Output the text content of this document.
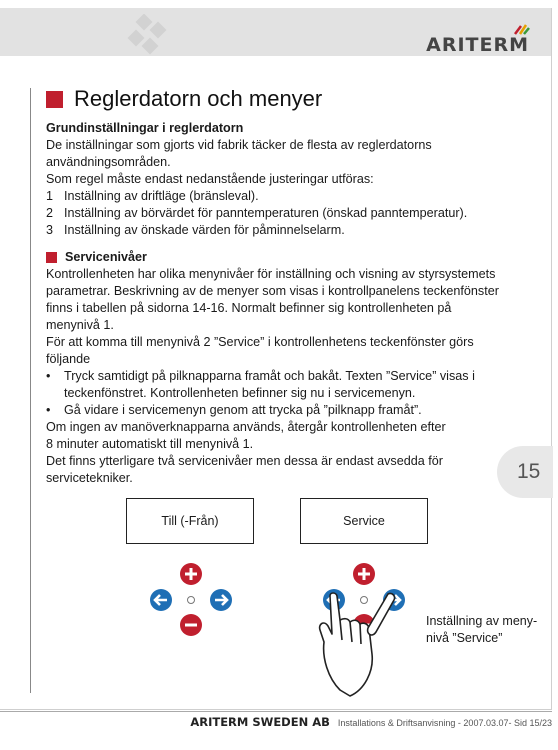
ARITERM
Reglerdatorn och menyer

Grundinställningar i reglerdatorn

De inställningar som gjorts vid fabrik täcker de flesta av reglerdatorns

användningsområden.

Som regel måste endast nedanstående justeringar utföras:

1 Inställning av driftläge (bränsleval).
2 Inställning av börvärdet för panntemperaturen (önskad panntemperatur).
3 Inställning av önskade värden för påminnelselarm.
Servicenivåer

Kontrollenheten har olika menynivåer för inställning och visning av styrsystemets

parametrar. Beskrivning av de menyer som visas i kontrollpanelens teckenfönster

finns i tabellen på sidorna 14-16. Normalt befinner sig kontrollenheten på menynivå 1.

För att komma till menynivå 2 ”Service” i kontrollenhetens teckenfönster görs

följande

•	Tryck samtidigt på pilknapparna framåt och bakåt. Texten ”Service” visas i
teckenfönstret. Kontrollenheten befinner sig nu i servicemenyn.
•	Gå vidare i servicemenyn genom att trycka på ”pilknapp framåt”.

Om ingen av manöverknapparna används, återgår kontrollenheten efter

8 minuter automatiskt till menynivå 1.

Det finns ytterligare två servicenivåer men dessa är endast avsedda för

servicetekniker.	15
Till (-Från)	Service
Inställning av meny-
nivå ”Service”
ARITERM SWEDEN AB Installations & Driftsanvisning - 2007.03.07- Sid 15/23
